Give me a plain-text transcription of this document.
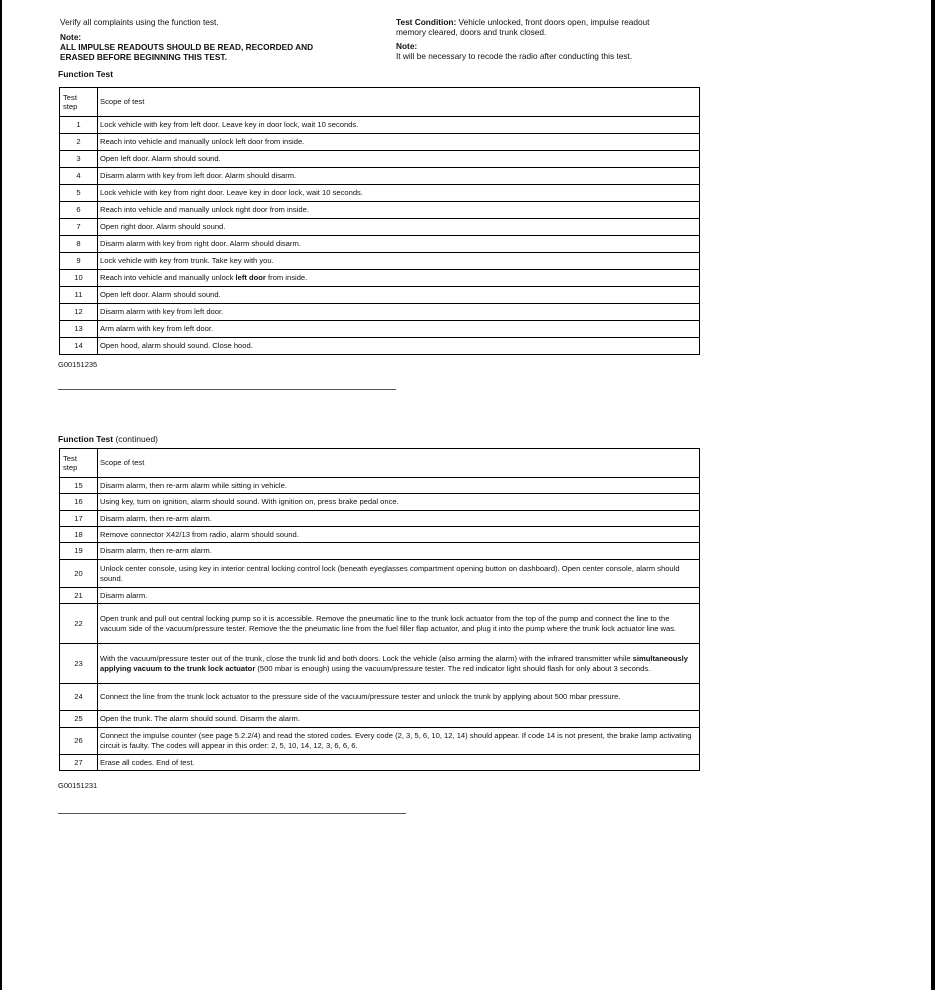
Verify all complaints using the function test.

Note:

ALL IMPULSE READOUTS SHOULD BE READ, RECORDED AND

ERASED BEFORE BEGINNING THIS TEST.

Test Condition: Vehicle unlocked, front doors open, impulse readout

memory cleared, doors and trunk closed.

Note:

It will be necessary to recode the radio after conducting this test.

Function Test
Test
step	Scope of test
1	Lock vehicle with key from left door. Leave key in door lock, wait 10 seconds.
2	Reach into vehicle and manually unlock left door from inside.
3	Open left door. Alarm should sound.
4	Disarm alarm with key from left door. Alarm should disarm.
5	Lock vehicle with key from right door. Leave key in door lock, wait 10 seconds.
6	Reach into vehicle and manually unlock right door from inside.
7	Open right door. Alarm should sound.
8	Disarm alarm with key from right door. Alarm should disarm.
9	Lock vehicle with key from trunk. Take key with you.
10	Reach into vehicle and manually unlock left door from inside.
11	Open left door. Alarm should sound.
12	Disarm alarm with key from left door.
13	Arm alarm with key from left door.
14	Open hood, alarm should sound. Close hood.
G00151235
Function Test (continued)
Test
step	Scope of test
15	Disarm alarm, then re-arm alarm while sitting in vehicle.
16	Using key, turn on ignition, alarm should sound. With ignition on, press brake pedal once.
17	Disarm alarm, then re-arm alarm.
18	Remove connector X42/13 from radio, alarm should sound.
19	Disarm alarm, then re-arm alarm.
20	Unlock center console, using key in interior central locking control lock (beneath eyeglasses compartment opening button on dashboard). Open center console, alarm should sound.
21	Disarm alarm.
22	Open trunk and pull out central locking pump so it is accessible. Remove the pneumatic line to the trunk lock actuator from the top of the pump and connect the line to the vacuum side of the vacuum/pressure tester. Remove the the pneumatic line from the fuel filler flap actuator, and plug it into the pump where the trunk lock actuator line was.
23	With the vacuum/pressure tester out of the trunk, close the trunk lid and both doors. Lock the vehicle (also arming the alarm) with the infrared transmitter while simultaneously applying vacuum to the trunk lock actuator (500 mbar is enough) using the vacuum/pressure tester. The red indicator light should flash for only about 3 seconds.
24	Connect the line from the trunk lock actuator to the pressure side of the vacuum/pressure tester and unlock the trunk by applying about 500 mbar pressure.
25	Open the trunk. The alarm should sound. Disarm the alarm.
26	Connect the impulse counter (see page 5.2.2/4) and read the stored codes. Every code (2, 3, 5, 6, 10, 12, 14) should appear. If code 14 is not present, the brake lamp activating circuit is faulty. The codes will appear in this order: 2, 5, 10, 14, 12, 3, 6, 6, 6.
27	Erase all codes. End of test.
G00151231
